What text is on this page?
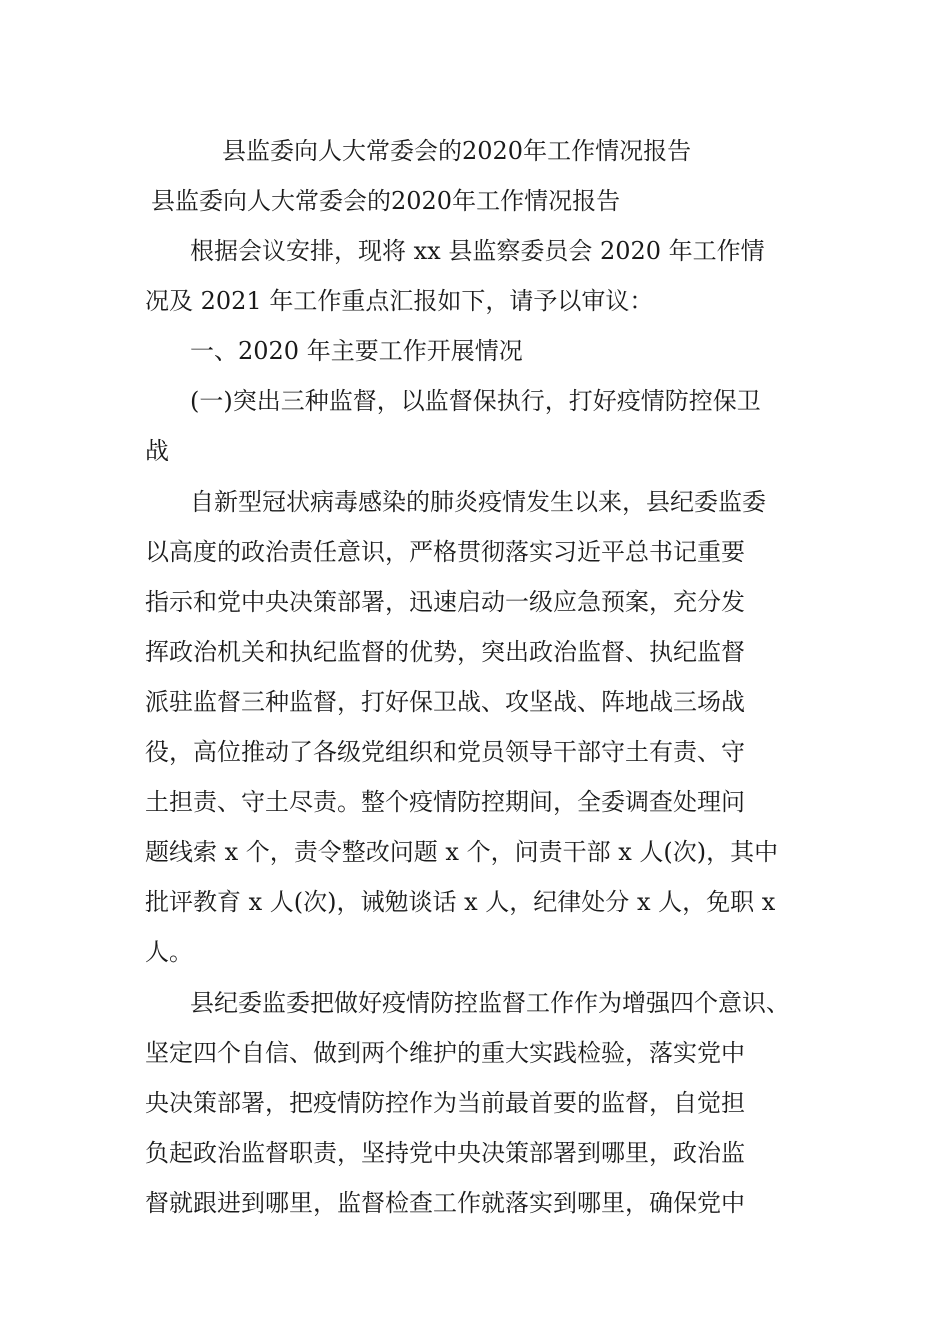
县监委向人大常委会的2020年工作情况报告
县监委向人大常委会的2020年工作情况报告
根据会议安排，现将 xx 县监察委员会 2020 年工作情
况及 2021 年工作重点汇报如下，请予以审议：
一、2020 年主要工作开展情况
(一)突出三种监督，以监督保执行，打好疫情防控保卫
战
自新型冠状病毒感染的肺炎疫情发生以来，县纪委监委
以高度的政治责任意识，严格贯彻落实习近平总书记重要
指示和党中央决策部署，迅速启动一级应急预案，充分发
挥政治机关和执纪监督的优势，突出政治监督、执纪监督
派驻监督三种监督，打好保卫战、攻坚战、阵地战三场战
役，高位推动了各级党组织和党员领导干部守土有责、守
土担责、守土尽责。整个疫情防控期间，全委调查处理问
题线索 x 个，责令整改问题 x 个，问责干部 x 人(次)，其中
批评教育 x 人(次)，诫勉谈话 x 人，纪律处分 x 人，免职 x
人。
县纪委监委把做好疫情防控监督工作作为增强四个意识、
坚定四个自信、做到两个维护的重大实践检验，落实党中
央决策部署，把疫情防控作为当前最首要的监督，自觉担
负起政治监督职责，坚持党中央决策部署到哪里，政治监
督就跟进到哪里，监督检查工作就落实到哪里，确保党中
